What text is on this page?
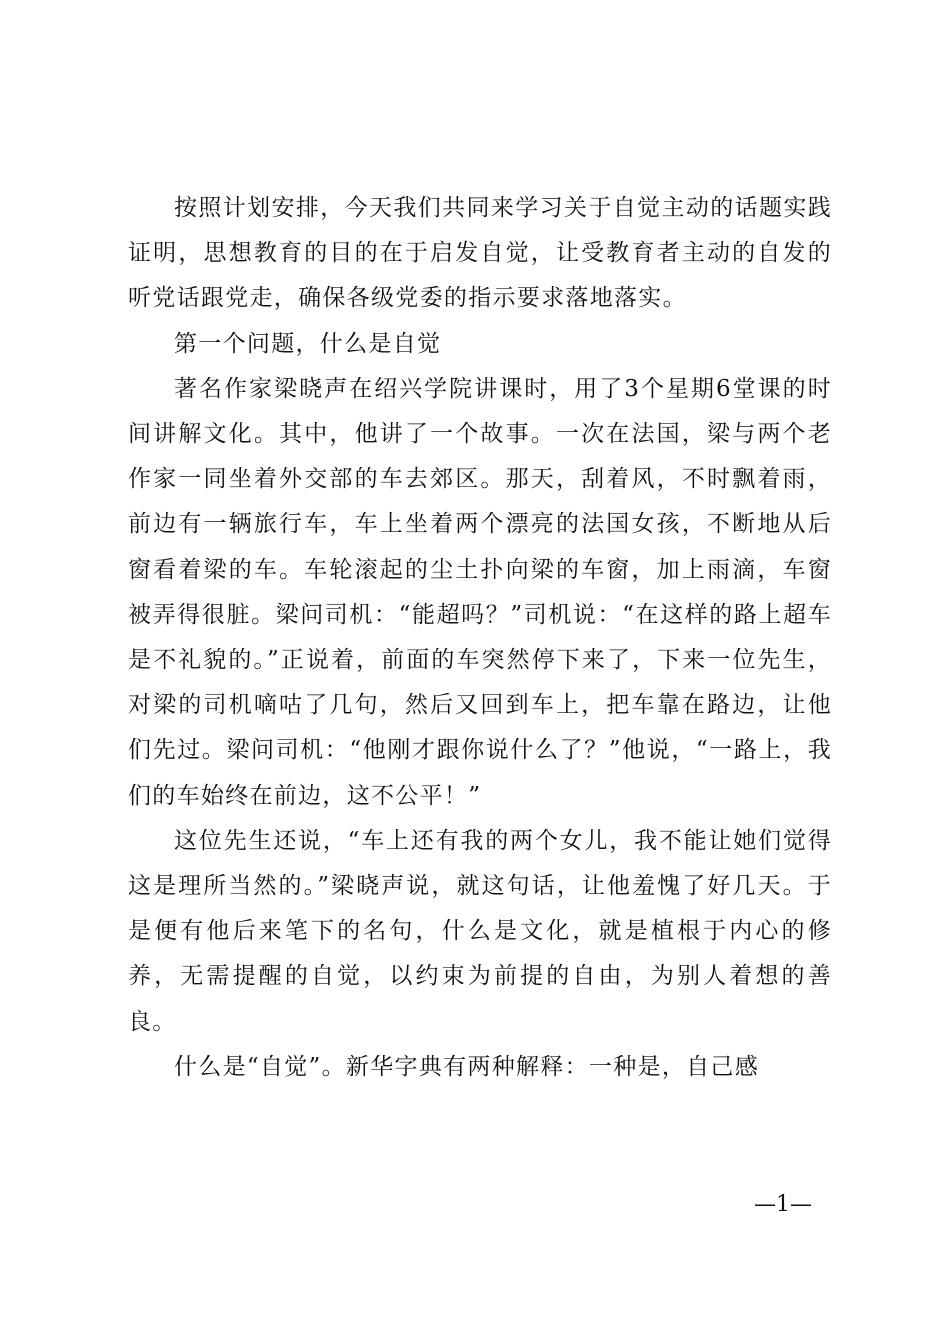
按照计划安排，今天我们共同来学习关于自觉主动的话题实践证明，思想教育的目的在于启发自觉，让受教育者主动的自发的听党话跟党走，确保各级党委的指示要求落地落实。

第一个问题，什么是自觉

著名作家梁晓声在绍兴学院讲课时，用了3个星期6堂课的时间讲解文化。其中，他讲了一个故事。一次在法国，梁与两个老作家一同坐着外交部的车去郊区。那天，刮着风，不时飘着雨，前边有一辆旅行车，车上坐着两个漂亮的法国女孩，不断地从后窗看着梁的车。车轮滚起的尘土扑向梁的车窗，加上雨滴，车窗被弄得很脏。梁问司机：“能超吗？”司机说：“在这样的路上超车是不礼貌的。”正说着，前面的车突然停下来了，下来一位先生，对梁的司机嘀咕了几句，然后又回到车上，把车靠在路边，让他们先过。梁问司机：“他刚才跟你说什么了？”他说，“一路上，我们的车始终在前边，这不公平！”

这位先生还说，“车上还有我的两个女儿，我不能让她们觉得这是理所当然的。”梁晓声说，就这句话，让他羞愧了好几天。于是便有他后来笔下的名句，什么是文化，就是植根于内心的修养，无需提醒的自觉，以约束为前提的自由，为别人着想的善良。

什么是“自觉”。新华字典有两种解释：一种是，自己感

—1—
